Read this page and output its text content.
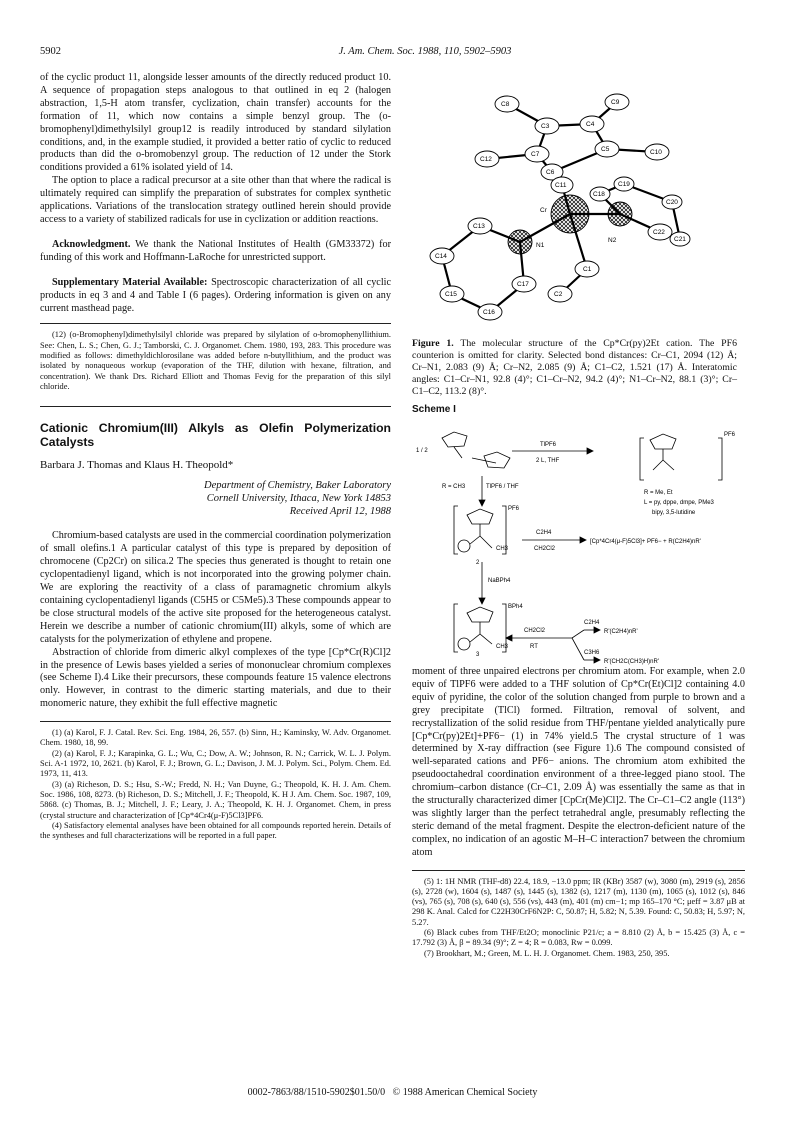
5902	J. Am. Chem. Soc. 1988, 110, 5902–5903

of the cyclic product 11, alongside lesser amounts of the directly reduced product 10. A sequence of propagation steps analogous to that outlined in eq 2 (halogen abstraction, 1,5-H atom transfer, cyclization, chain transfer) accounts for the formation of 11, which now contains a simple benzyl group. The (o-bromophenyl)dimethylsilyl group12 is readily introduced by standard silylation conditions, and, in the example studied, it provided a better ratio of cyclic to reduced products than did the o-bromobenzyl group. The reduction of 12 under the Stork conditions provided a 61% isolated yield of 14.

The option to place a radical precursor at a site other than that where the radical is ultimately required can simplify the preparation of substrates for complex synthetic applications. Variations of the translocation strategy outlined herein should provide access to a variety of stabilized radicals for use in cyclization or addition reactions.

Acknowledgment. We thank the National Institutes of Health (GM33372) for funding of this work and Hoffmann-LaRoche for unrestricted support.

Supplementary Material Available: Spectroscopic characterization of all cyclic products in eq 3 and 4 and Table I (6 pages). Ordering information is given on any current masthead page.

(12) (o-Bromophenyl)dimethylsilyl chloride was prepared by silylation of o-bromophenyllithium. See: Chen, L. S.; Chen, G. J.; Tamborski, C. J. Organomet. Chem. 1980, 193, 283. This procedure was modified as follows: dimethyldichlorosilane was added before n-butyllithium, and the product was isolated by nonaqueous workup (evaporation of the THF, dilution with hexane, filtration, and concentration). We thank Drs. Richard Elliott and Thomas Fevig for the preparation of this silyl chloride.

Cationic Chromium(III) Alkyls as Olefin Polymerization Catalysts
Barbara J. Thomas and Klaus H. Theopold*
Department of Chemistry, Baker Laboratory
Cornell University, Ithaca, New York 14853
Received April 12, 1988

Chromium-based catalysts are used in the commercial coordination polymerization of small olefins.1 A particular catalyst of this type is prepared by deposition of chromocene (Cp2Cr) on silica.2 The species thus generated is thought to retain one cyclopentadienyl ligand, which is not incorporated into the growing polymer chain. We are exploring the reactivity of a class of paramagnetic chromium alkyls containing cyclopentadienyl ligands (C5H5 or C5Me5).3 These compounds appear to be close structural models of the active site proposed for the heterogeneous catalyst. Herein we describe a number of cationic chromium(III) alkyls, some of which are catalysts for the polymerization of ethylene and propene.

Abstraction of chloride from dimeric alkyl complexes of the type [Cp*Cr(R)Cl]2 in the presence of Lewis bases yielded a series of mononuclear chromium complexes (see Scheme I).4 Like their precursors, these compounds feature 15 valence electrons only. However, in contrast to the dimeric starting materials, and due to their monomeric nature, they exhibit the full effective magnetic

(1) (a) Karol, F. J. Catal. Rev. Sci. Eng. 1984, 26, 557. (b) Sinn, H.; Kaminsky, W. Adv. Organomet. Chem. 1980, 18, 99.

(2) (a) Karol, F. J.; Karapinka, G. L.; Wu, C.; Dow, A. W.; Johnson, R. N.; Carrick, W. L. J. Polym. Sci. A-1 1972, 10, 2621. (b) Karol, F. J.; Brown, G. L.; Davison, J. M. J. Polym. Sci., Polym. Chem. Ed. 1973, 11, 413.

(3) (a) Richeson, D. S.; Hsu, S.-W.; Fredd, N. H.; Van Duyne, G.; Theopold, K. H. J. Am. Chem. Soc. 1986, 108, 8273. (b) Richeson, D. S.; Mitchell, J. F.; Theopold, K. H J. Am. Chem. Soc. 1987, 109, 5868. (c) Thomas, B. J.; Mitchell, J. F.; Leary, J. A.; Theopold, K. H. J. Organomet. Chem, in press (crystal structure and characterization of [Cp*4Cr4(μ-F)5Cl3]PF6.

(4) Satisfactory elemental analyses have been obtained for all compounds reported herein. Details of the syntheses and full characterizations will be reported in a full paper.

C8	C9
C3	C4
C12
C7
C5	C10
C6
C11
C18
C19
Cr
C20
C13
N1
N2
C22
C21
C14
C1
C17
C2
C15
C16
Figure 1. The molecular structure of the Cp*Cr(py)2Et cation. The PF6 counterion is omitted for clarity. Selected bond distances: Cr–C1, 2094 (12) Å; Cr–N1, 2.083 (9) Å; Cr–N2, 2.085 (9) Å; C1–C2, 1.521 (17) Å. Interatomic angles: C1–Cr–N1, 92.8 (4)°; C1–Cr–N2, 94.2 (4)°; N1–Cr–N2, 88.1 (3)°; Cr–C1–C2, 113.2 (8)°.
Scheme I
1 / 2
TlPF6
2 L, THF
PF6
R = Me, Et
L = py, dppe, dmpe, PMe3
bipy, 3,5-lutidine
R = CH3	TlPF6 / THF
PF6
CH3
2
C2H4
CH2Cl2
[Cp*4Cr4(μ-F)5Cl3]+ PF6− + R(C2H4)nR'
NaBPh4
BPh4
CH3
3
CH2Cl2
RT
C2H4
C3H6
R'(C2H4)nR'
R'(CH2C(CH3)H)nR'

moment of three unpaired electrons per chromium atom. For example, when 2.0 equiv of TlPF6 were added to a THF solution of Cp*Cr(Et)Cl]2 containing 4.0 equiv of pyridine, the color of the solution changed from purple to brown and a grey precipitate (TlCl) formed. Filtration, removal of solvent, and recrystallization of the solid residue from THF/pentane yielded analytically pure [Cp*Cr(py)2Et]+PF6− (1) in 74% yield.5 The crystal structure of 1 was determined by X-ray diffraction (see Figure 1).6 The compound consisted of well-separated cations and PF6− anions. The chromium atom exhibited the pseudooctahedral coordination environment of a three-legged piano stool. The chromium–carbon distance (Cr–C1, 2.09 Å) was essentially the same as that in the structurally characterized dimer [CpCr(Me)Cl]2. The Cr–C1–C2 angle (113°) was slightly larger than the perfect tetrahedral angle, presumably reflecting the steric demand of the metal fragment. Despite the electron-deficient nature of the complex, no indication of an agostic M–H–C interaction7 between the chromium atom

(5) 1: 1H NMR (THF-d8) 22.4, 18.9, −13.0 ppm; IR (KBr) 3587 (w), 3080 (m), 2919 (s), 2856 (s), 2728 (w), 1604 (s), 1487 (s), 1445 (s), 1382 (s), 1217 (m), 1130 (m), 1065 (s), 1012 (s), 846 (vs), 765 (s), 708 (s), 640 (s), 556 (vs), 443 (m), 401 (m) cm−1; mp 165–170 °C; μeff = 3.87 μB at 298 K. Anal. Calcd for C22H30CrF6N2P: C, 50.87; H, 5.82; N, 5.39. Found: C, 50.83; H, 5.97; N, 5.27.

(6) Black cubes from THF/Et2O; monoclinic P21/c; a = 8.810 (2) Å, b = 15.425 (3) Å, c = 17.792 (3) Å, β = 89.34 (9)°; Z = 4; R = 0.083, Rw = 0.099.

(7) Brookhart, M.; Green, M. L. H. J. Organomet. Chem. 1983, 250, 395.

0002-7863/88/1510-5902$01.50/0 © 1988 American Chemical Society
